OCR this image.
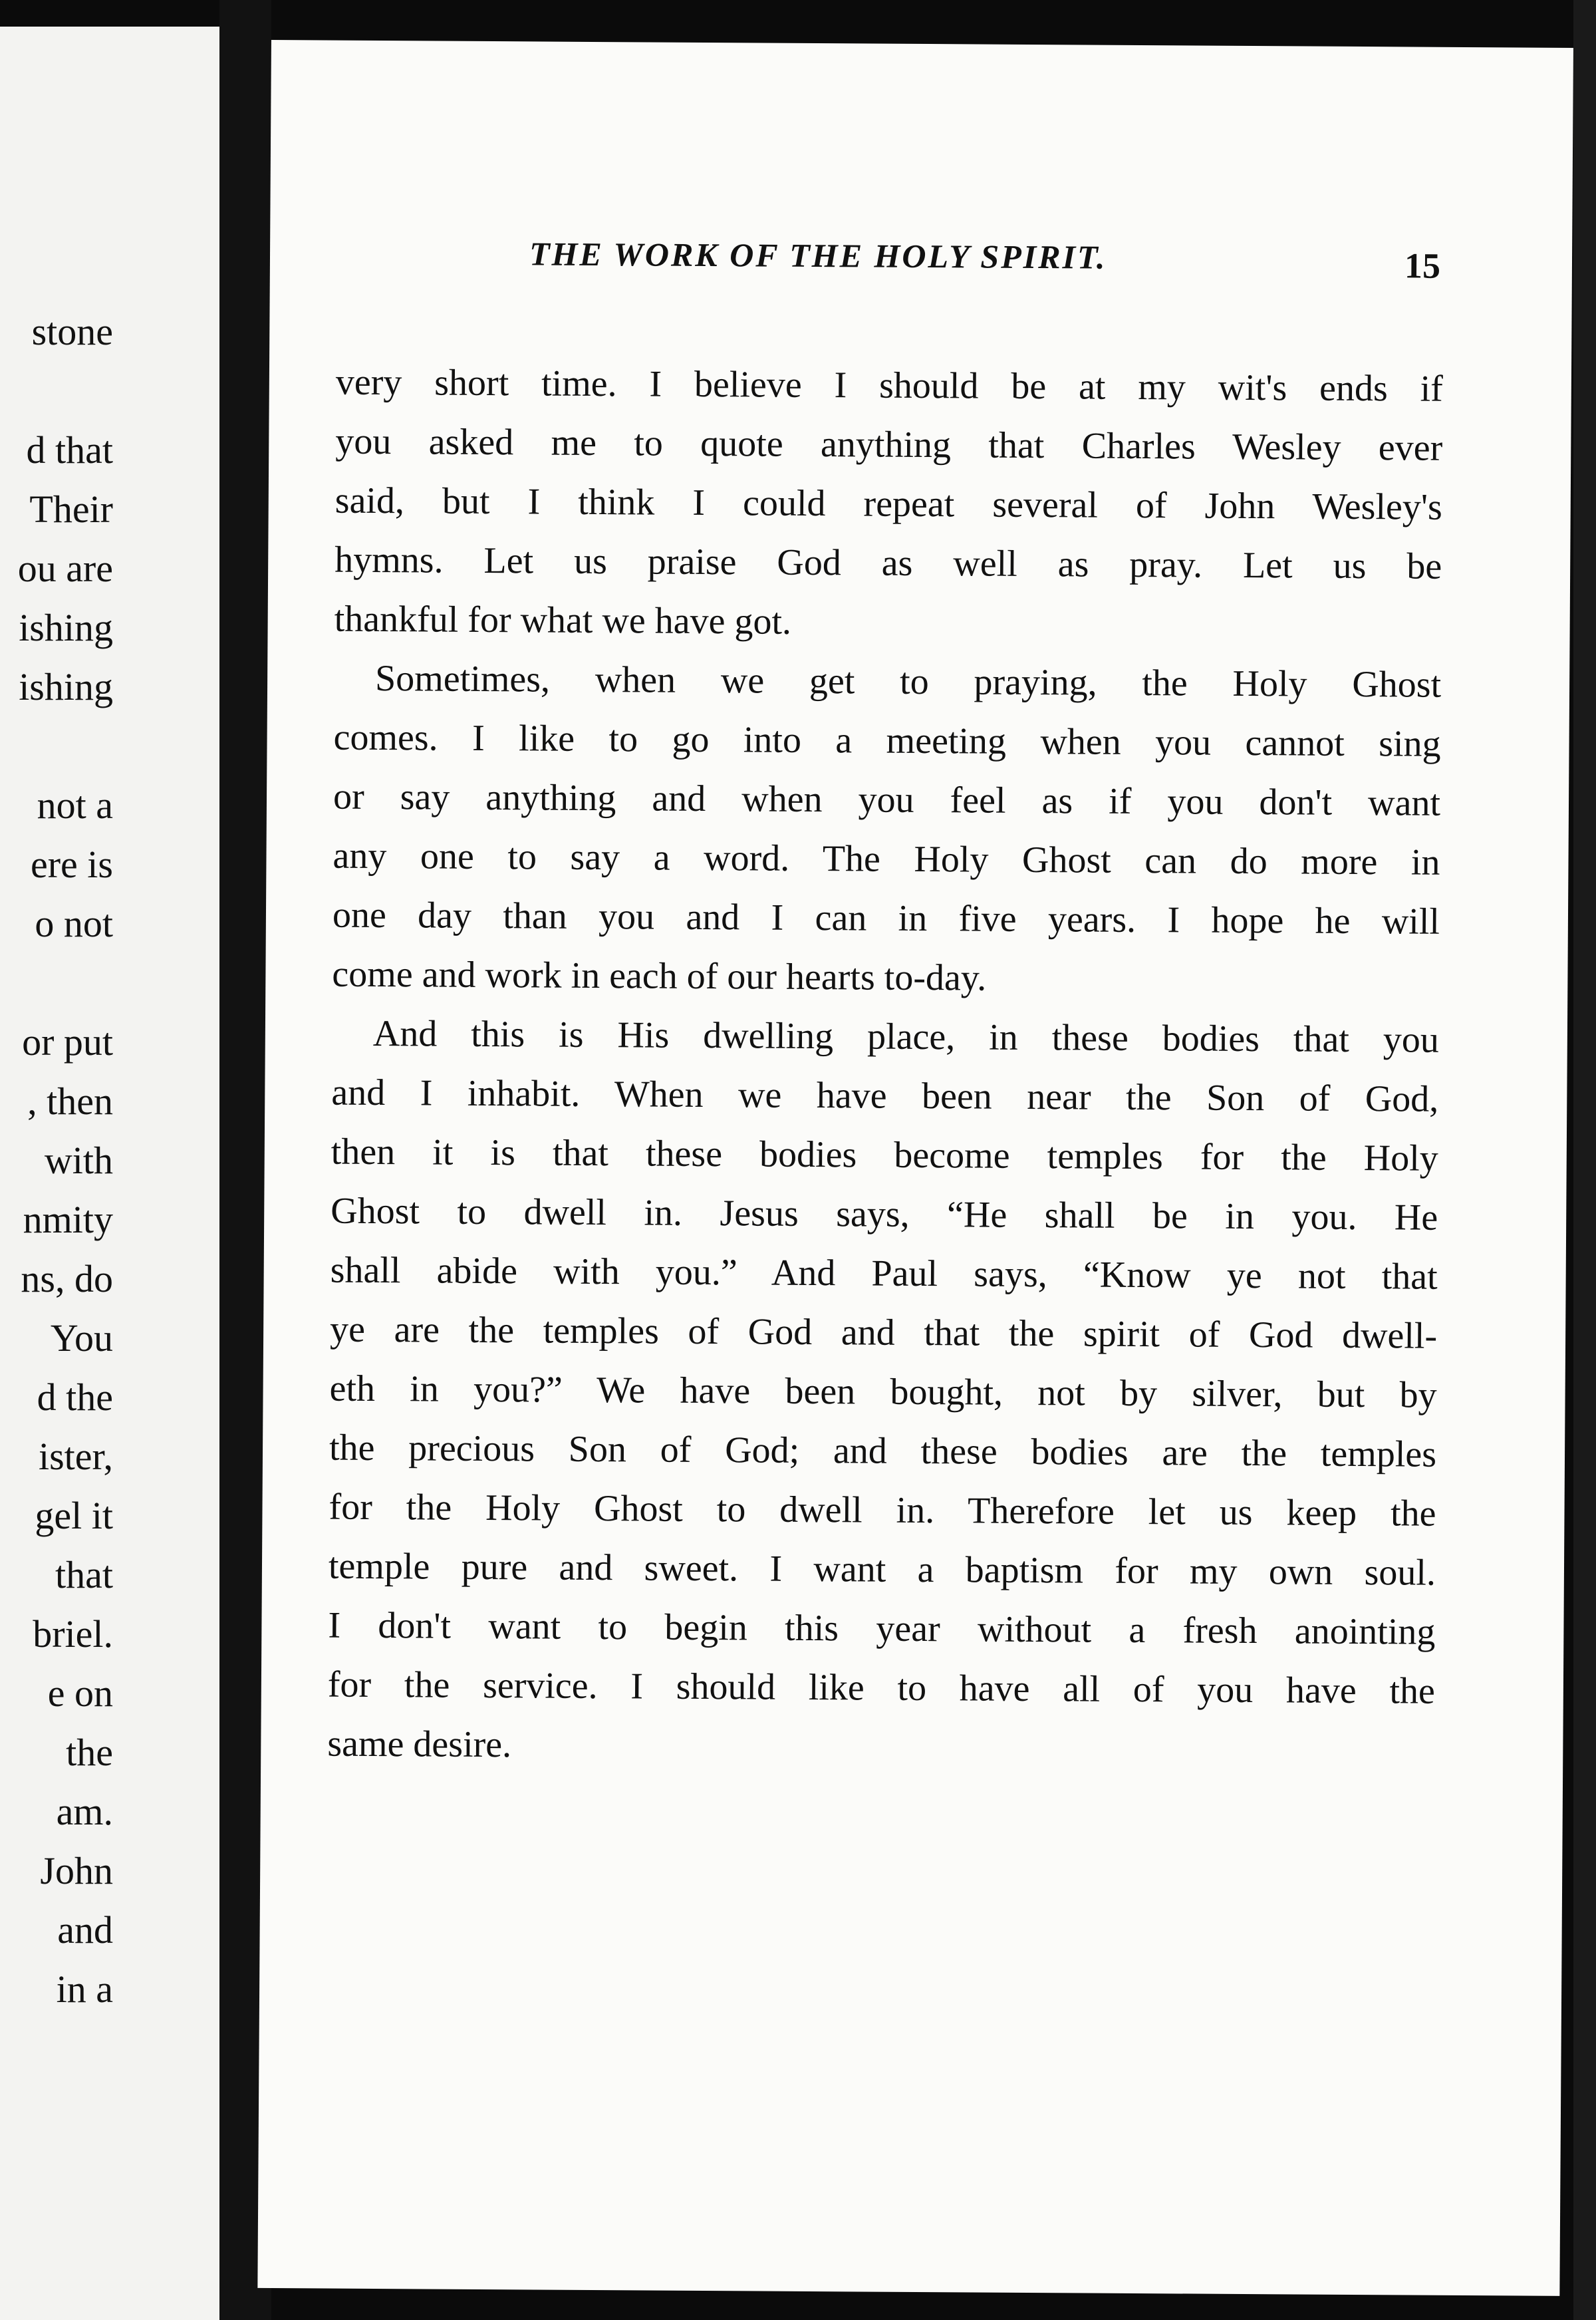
stone
d that
Their
ou are
ishing
ishing
not a
ere is
o not
or put
, then
with
nmity
ns, do
You
d the
ister,
gel it
that
briel.
e on
the
am.
John
and
in a
THE WORK OF THE HOLY SPIRIT.	15
very short time. I believe I should be at my wit's ends if
you asked me to quote anything that Charles Wesley ever
said, but I think I could repeat several of John Wesley's
hymns. Let us praise God as well as pray. Let us be
thankful for what we have got.
Sometimes, when we get to praying, the Holy Ghost
comes. I like to go into a meeting when you cannot sing
or say anything and when you feel as if you don't want
any one to say a word. The Holy Ghost can do more in
one day than you and I can in five years. I hope he will
come and work in each of our hearts to-day.
And this is His dwelling place, in these bodies that you
and I inhabit. When we have been near the Son of God,
then it is that these bodies become temples for the Holy
Ghost to dwell in. Jesus says, “He shall be in you. He
shall abide with you.” And Paul says, “Know ye not that
ye are the temples of God and that the spirit of God dwell-
eth in you?” We have been bought, not by silver, but by
the precious Son of God; and these bodies are the temples
for the Holy Ghost to dwell in. Therefore let us keep the
temple pure and sweet. I want a baptism for my own soul.
I don't want to begin this year without a fresh anointing
for the service. I should like to have all of you have the
same desire.
